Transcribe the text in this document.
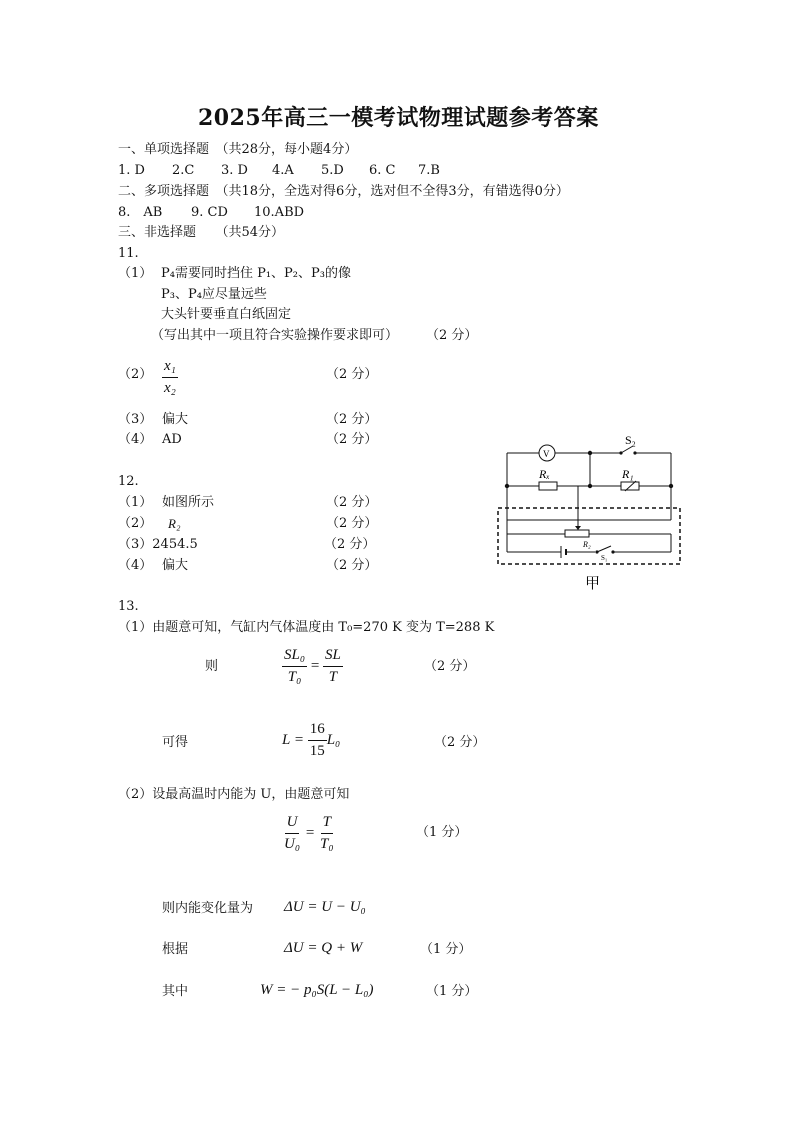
2025年高三一模考试物理试题参考答案
一、单项选择题　（共28分，每小题4分）
1. D 2.C 3. D 4.A 5.D 6. C 7.B
二、多项选择题　（共18分，全选对得6分，选对但不全得3分，有错选得0分）
8.　AB 9. CD 10.ABD
三、非选择题　　（共54分）
11.
（1） P₄需要同时挡住 P₁、P₂、P₃的像
P₃、P₄应尽量远些
大头针要垂直白纸固定
（写出其中一项且符合实验操作要求即可） （2 分）
$(2) \frac{\text{x₁}}{\text{x₂}}$	（2 分）
（3） 偏大	（2 分）
（4） AD	（2 分）
12.
（1） 如图所示	（2 分）
（2） R₂	（2 分）
（3）2454.5	（2 分）
（4） 偏大	（2 分）
V
S₂
Rₓ	R₁
R₂
S₁
甲
13.
（1）由题意可知，气缸内气体温度由 T₀=270 K 变为 T=288 K
则	$\frac{\text{SL₀}}{\text{T₀}} = \frac{SL}{T}$	（2 分）
可得	$L = \frac{16}{15} L_0$	（2 分）
（2）设最高温时内能为 U，由题意可知
$\frac{U}{\text{U₀}} = \frac{T}{\text{T₀}}$	（1 分）
则内能变化量为 ΔU = U − U₀
根据	ΔU = Q + W	（1 分）
其中	W = − p₀S(L − L₀)	（1 分）
